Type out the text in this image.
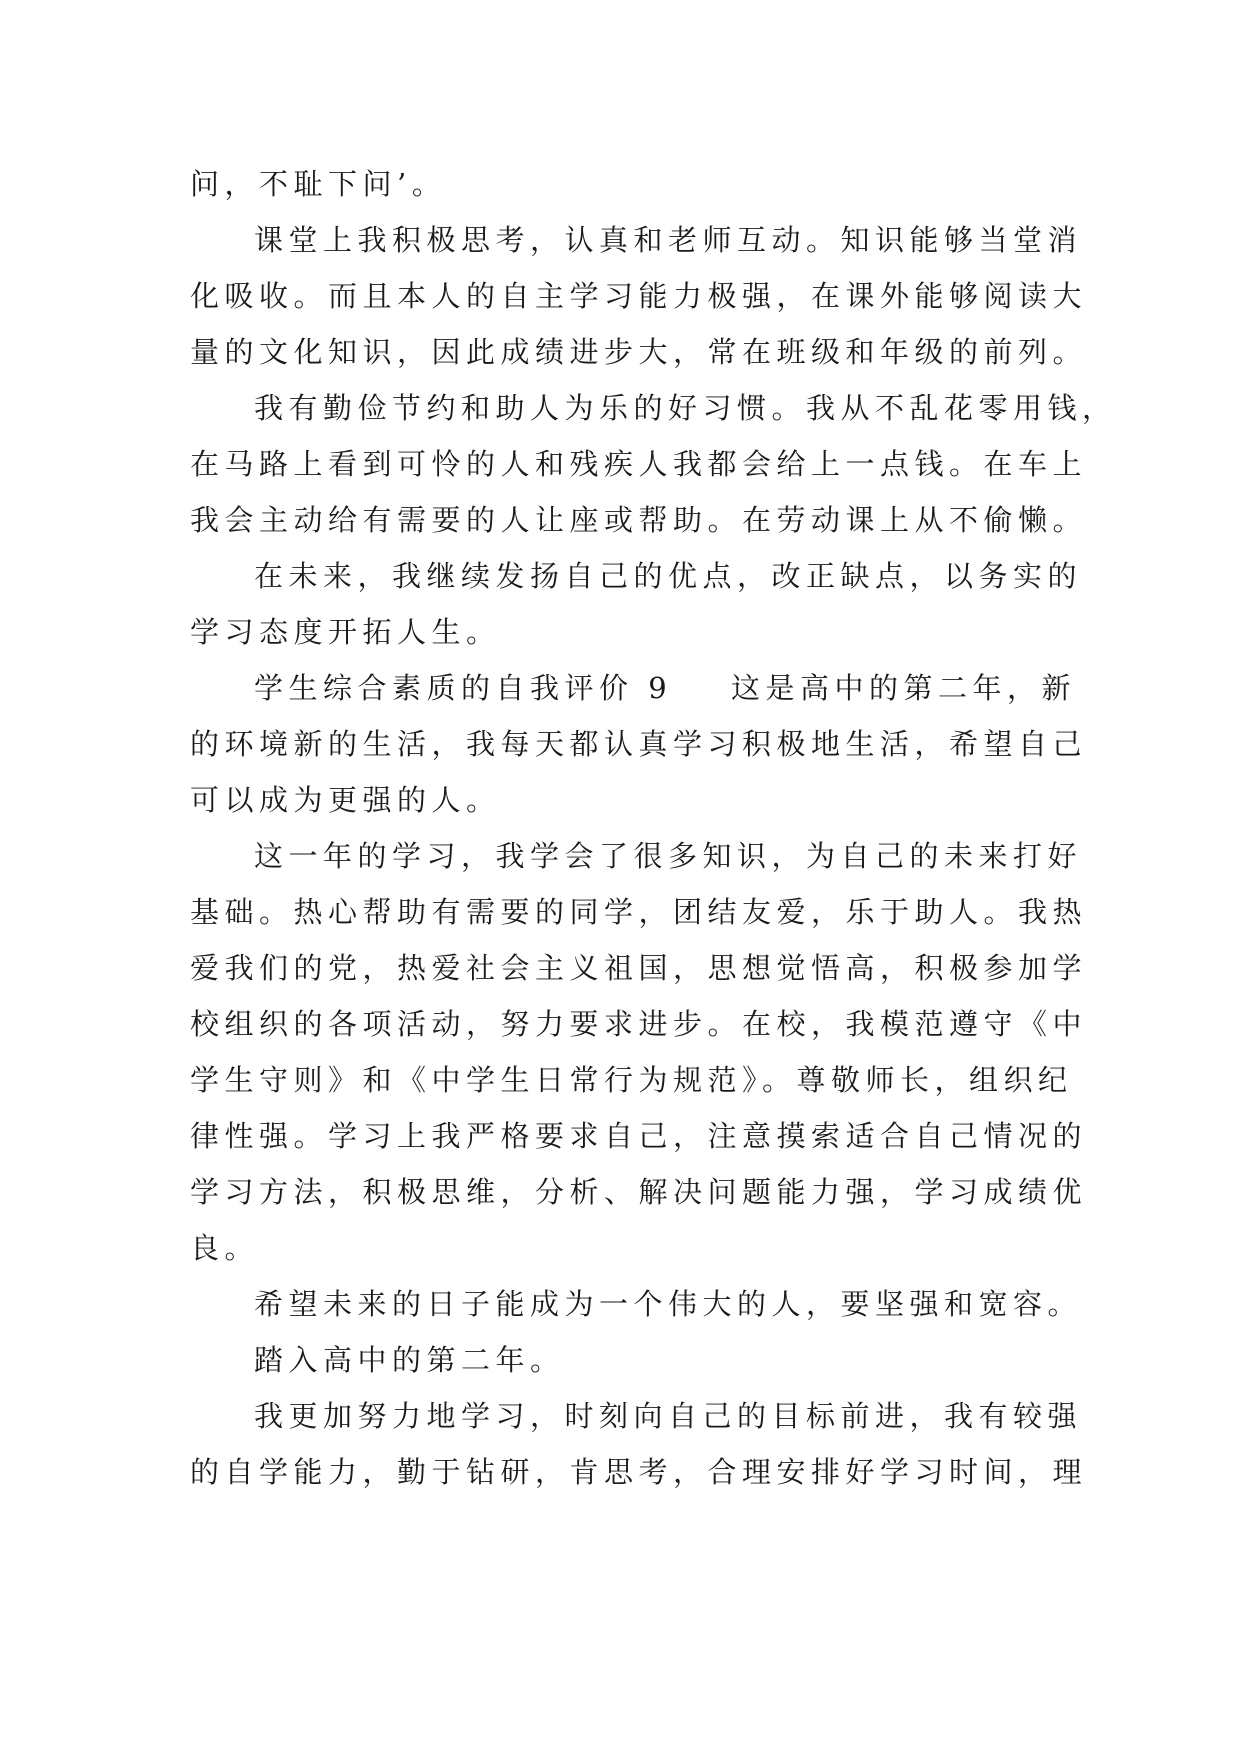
问，不耻下问’。
课堂上我积极思考，认真和老师互动。知识能够当堂消
化吸收。而且本人的自主学习能力极强，在课外能够阅读大
量的文化知识，因此成绩进步大，常在班级和年级的前列。
我有勤俭节约和助人为乐的好习惯。我从不乱花零用钱，
在马路上看到可怜的人和残疾人我都会给上一点钱。在车上
我会主动给有需要的人让座或帮助。在劳动课上从不偷懒。
在未来，我继续发扬自己的优点，改正缺点，以务实的
学习态度开拓人生。
学生综合素质的自我评价 9    这是高中的第二年，新
的环境新的生活，我每天都认真学习积极地生活，希望自己
可以成为更强的人。
这一年的学习，我学会了很多知识，为自己的未来打好
基础。热心帮助有需要的同学，团结友爱，乐于助人。我热
爱我们的党，热爱社会主义祖国，思想觉悟高，积极参加学
校组织的各项活动，努力要求进步。在校，我模范遵守《中
学生守则》和《中学生日常行为规范》。尊敬师长，组织纪
律性强。学习上我严格要求自己，注意摸索适合自己情况的
学习方法，积极思维，分析、解决问题能力强，学习成绩优
良。
希望未来的日子能成为一个伟大的人，要坚强和宽容。
踏入高中的第二年。
我更加努力地学习，时刻向自己的目标前进，我有较强
的自学能力，勤于钻研，肯思考，合理安排好学习时间，理
